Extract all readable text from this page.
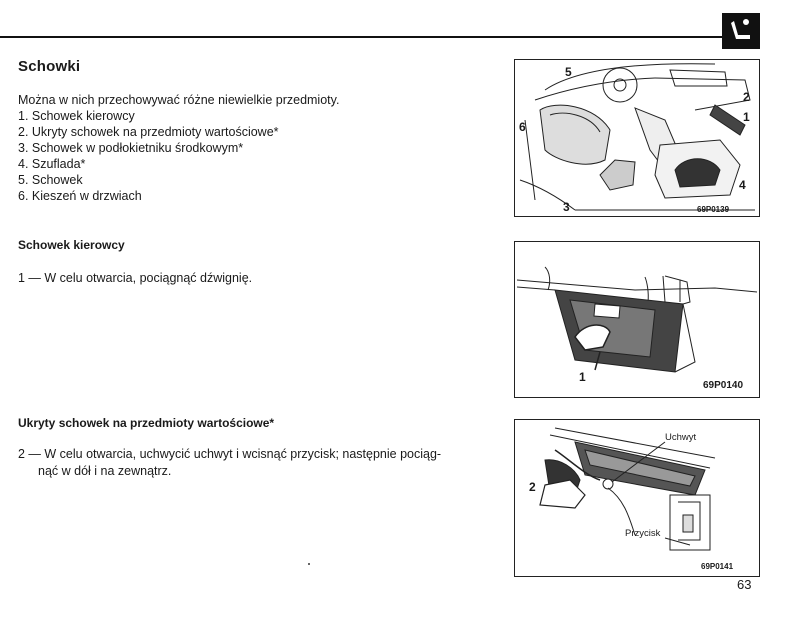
Schowki
Można w nich przechowywać różne niewielkie przedmioty.
1. Schowek kierowcy
2. Ukryty schowek na przedmioty wartościowe*
3. Schowek w podłokietniku środkowym*
4. Szuflada*
5. Schowek
6. Kieszeń w drzwiach
Schowek kierowcy
1 — W celu otwarcia, pociągnąć dźwignię.
Ukryty schowek na przedmioty wartościowe*
2 — W celu otwarcia, uchwycić uchwyt i wcisnąć przycisk; następnie pociąg-
nąć w dół i na zewnątrz.
5
2
1
6
4
3	69P0139
1
69P0140
Uchwyt
Przycisk
2
69P0141
63
